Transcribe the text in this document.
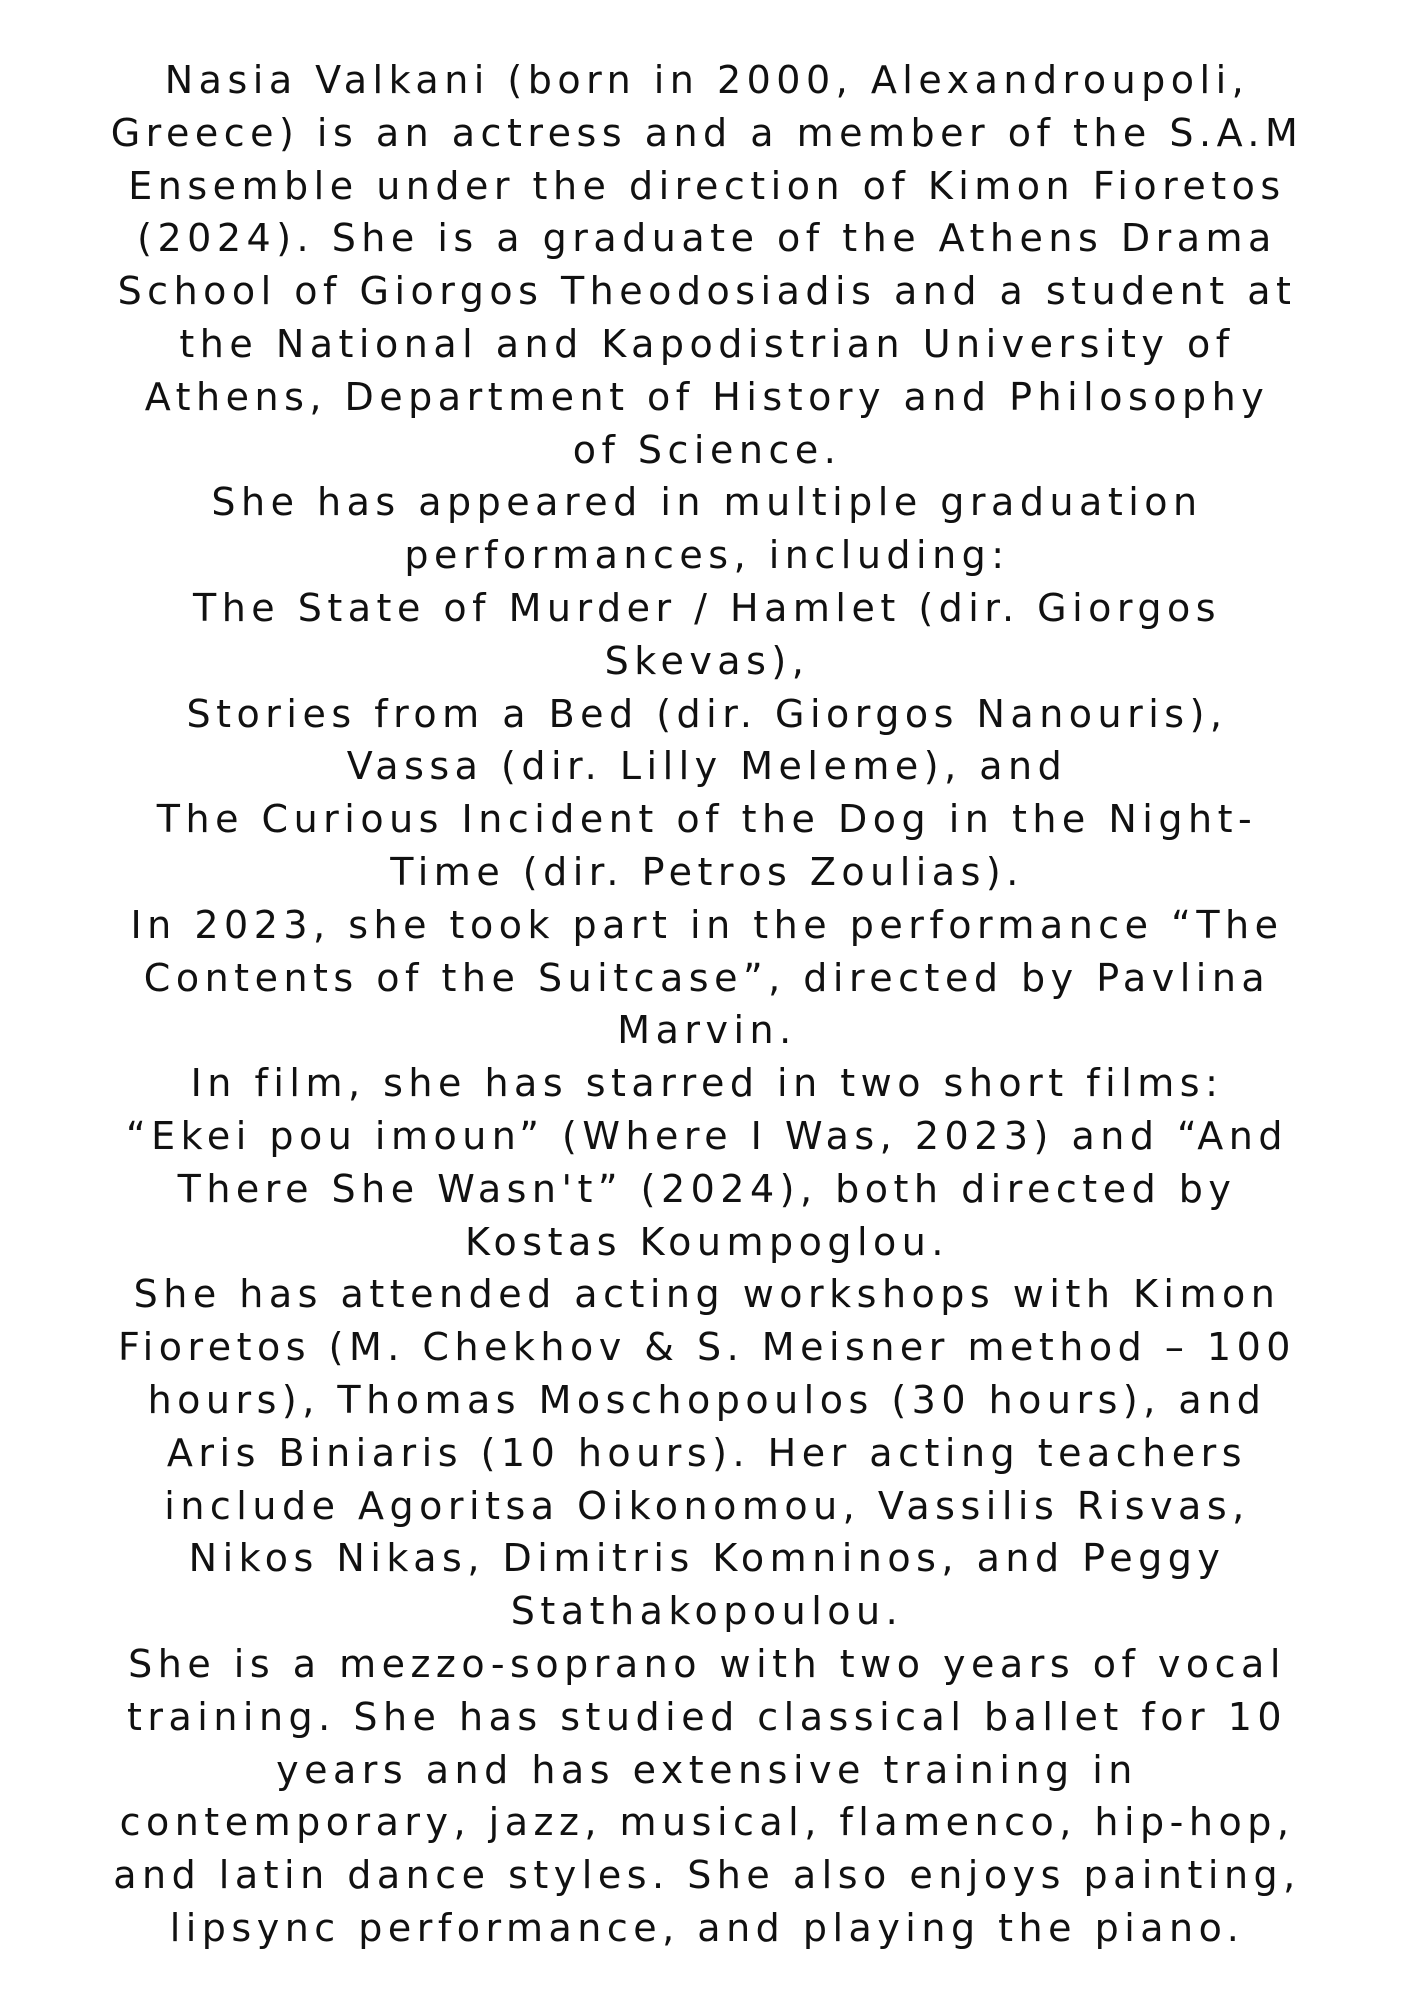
Nasia Valkani (born in 2000, Alexandroupoli,
Greece) is an actress and a member of the S.A.M
Ensemble under the direction of Kimon Fioretos
(2024). She is a graduate of the Athens Drama
School of Giorgos Theodosiadis and a student at
the National and Kapodistrian University of
Athens, Department of History and Philosophy
of Science.
She has appeared in multiple graduation
performances, including:
The State of Murder / Hamlet (dir. Giorgos
Skevas),
Stories from a Bed (dir. Giorgos Nanouris),
Vassa (dir. Lilly Meleme), and
The Curious Incident of the Dog in the Night-
Time (dir. Petros Zoulias).
In 2023, she took part in the performance “The
Contents of the Suitcase”, directed by Pavlina
Marvin.
In film, she has starred in two short films:
“Ekei pou imoun” (Where I Was, 2023) and “And
There She Wasn't” (2024), both directed by
Kostas Koumpoglou.
She has attended acting workshops with Kimon
Fioretos (M. Chekhov & S. Meisner method – 100
hours), Thomas Moschopoulos (30 hours), and
Aris Biniaris (10 hours). Her acting teachers
include Agoritsa Oikonomou, Vassilis Risvas,
Nikos Nikas, Dimitris Komninos, and Peggy
Stathakopoulou.
She is a mezzo-soprano with two years of vocal
training. She has studied classical ballet for 10
years and has extensive training in
contemporary, jazz, musical, flamenco, hip-hop,
and latin dance styles. She also enjoys painting,
lipsync performance, and playing the piano.
